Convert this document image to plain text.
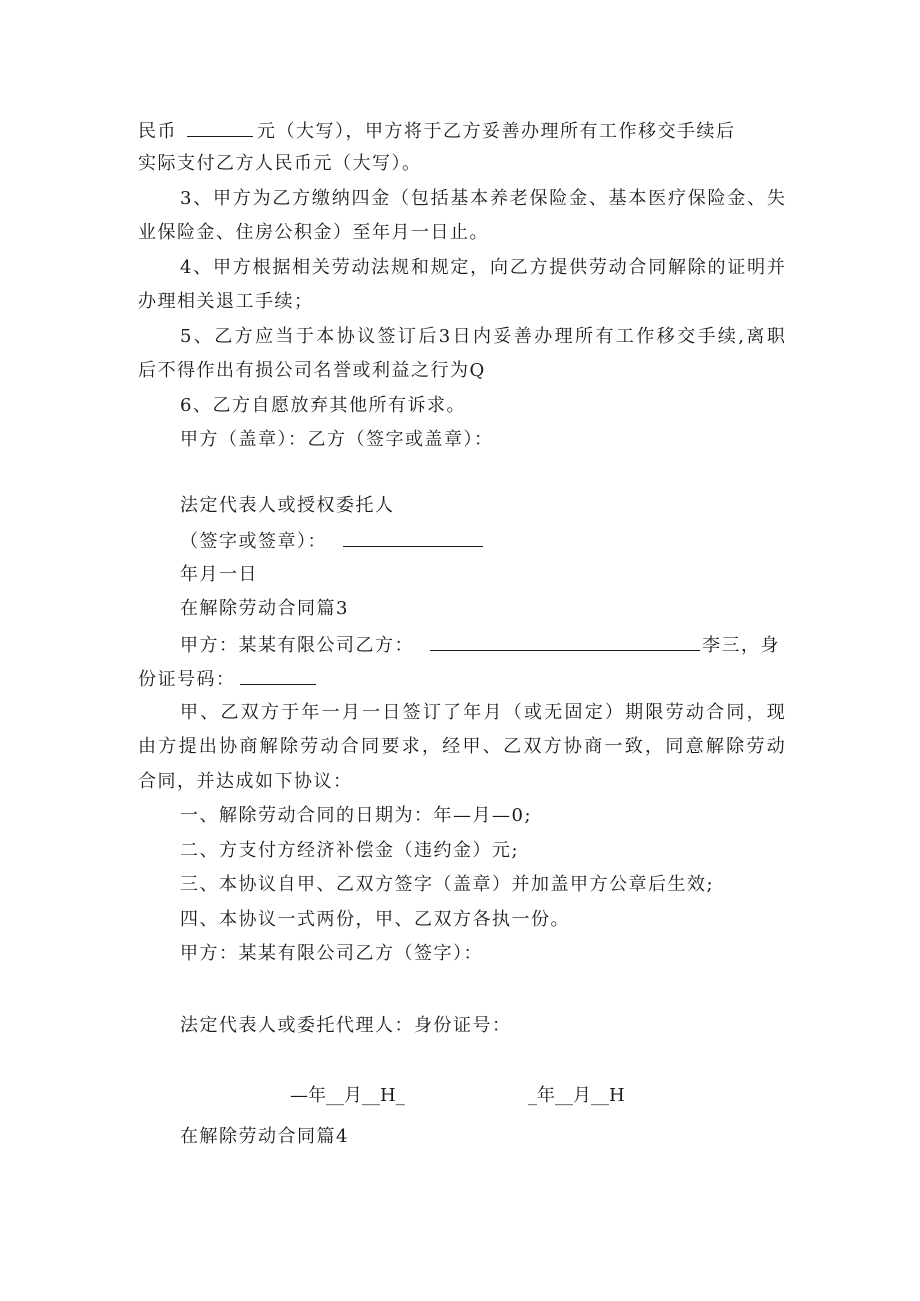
民币	元（大写），甲方将于乙方妥善办理所有工作移交手续后
实际支付乙方人民币元（大写）。
3 、 甲 方 为 乙 方 缴 纳 四 金 （ 包 括 基 本 养 老 保 险 金 、 基 本 医 疗 保 险 金 、 失
业保险金、住房公积金）至年月一日止。
4 、 甲 方 根 据 相 关 劳 动 法 规 和 规 定 ， 向 乙 方 提 供 劳 动 合 同 解 除 的 证 明 并
办理相关退工手续；
5 、 乙 方 应 当 于 本 协 议 签 订 后 3 日 内 妥 善 办 理 所 有 工 作 移 交 手 续 , 离 职
后不得作出有损公司名誉或利益之行为Q
6、乙方自愿放弃其他所有诉求。
甲方（盖章）：乙方（签字或盖章）：
法定代表人或授权委托人
（签字或签章）：
年月一日
在解除劳动合同篇3
甲方：某某有限公司乙方：	李三，身
份证号码：
甲 、 乙 双 方 于 年 一 月 一 日 签 订 了 年 月 （ 或 无 固 定 ） 期 限 劳 动 合 同 ， 现
由 方 提 出 协 商 解 除 劳 动 合 同 要 求 ， 经 甲 、 乙 双 方 协 商 一 致 ， 同 意 解 除 劳 动
合同，并达成如下协议：
一、解除劳动合同的日期为：年—月—0;
二、方支付方经济补偿金（违约金）元;
三、本协议自甲、乙双方签字（盖章）并加盖甲方公章后生效;
四、本协议一式两份，甲、乙双方各执一份。
甲方：某某有限公司乙方（签字）：
法定代表人或委托代理人：身份证号：
—年__月__H_	_年__月__H
在解除劳动合同篇4
